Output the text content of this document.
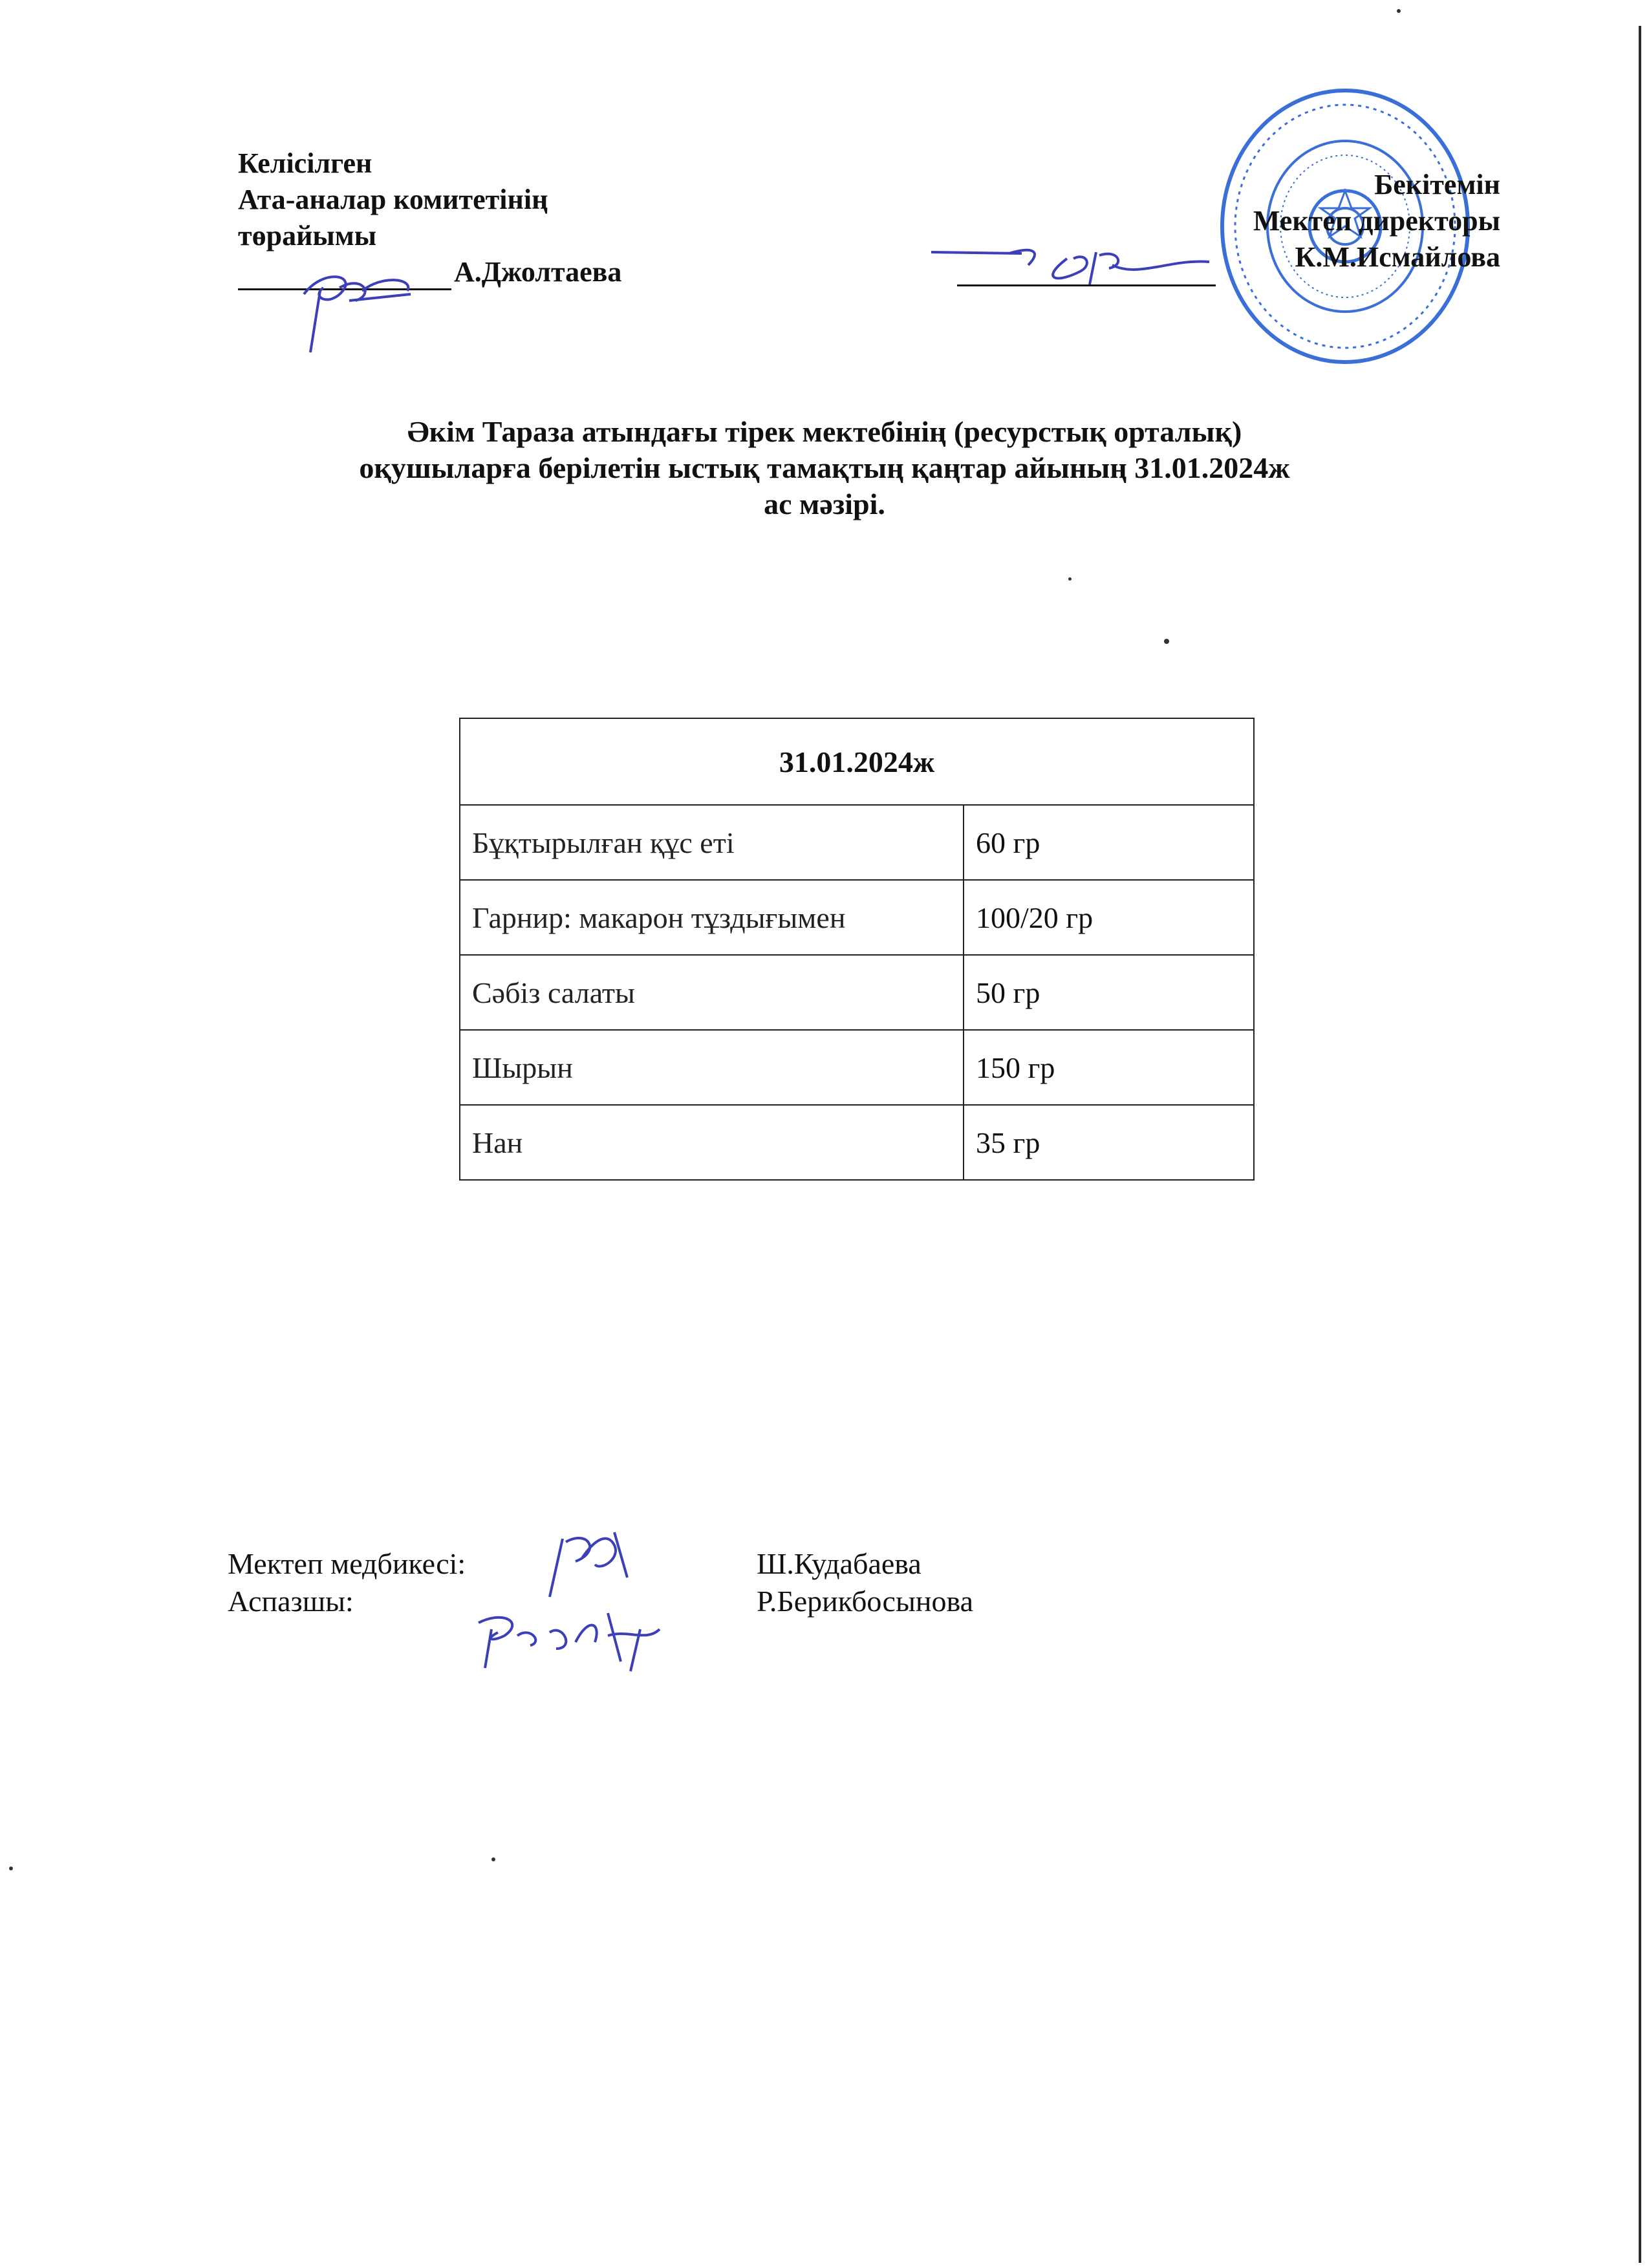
Келісілген
Ата-аналар комитетінің
төрайымы
А.Джолтаева
Бекітемін
Мектеп директоры
К.М.Исмайлова
Әкім Тараза атындағы тірек мектебінің (ресурстық орталық)
оқушыларға берілетін ыстық тамақтың қаңтар айының 31.01.2024ж
ас мәзірі.
31.01.2024ж	
Бұқтырылған құс еті	60 гр
Гарнир: макарон тұздығымен	100/20 гр
Сәбіз салаты	50 гр
Шырын	150 гр
Нан	35 гр
Мектеп медбикесі:	Ш.Кудабаева
Аспазшы:	Р.Берикбосынова
